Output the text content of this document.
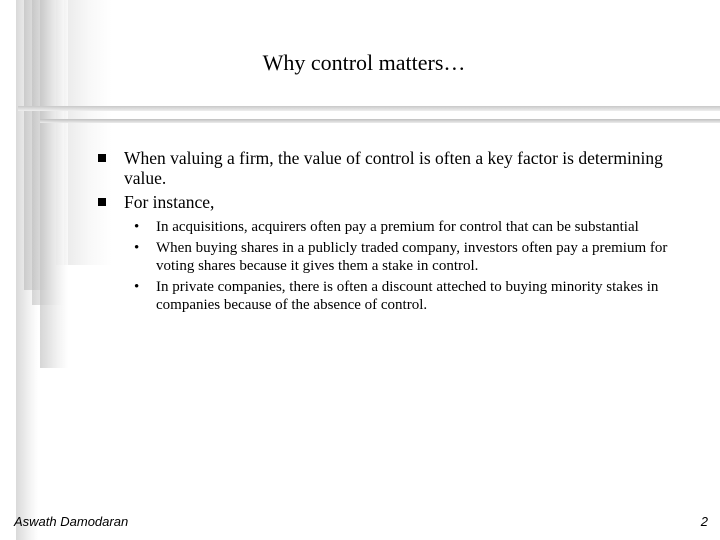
Why control matters…
When valuing a firm, the value of control is often a key factor is determining value.
For instance,
• In acquisitions, acquirers often pay a premium for control that can be substantial
• When buying shares in a publicly traded company, investors often pay a premium for voting shares because it gives them a stake in control.
• In private companies, there is often a discount atteched to buying minority stakes in companies because of the absence of control.
Aswath Damodaran	2
